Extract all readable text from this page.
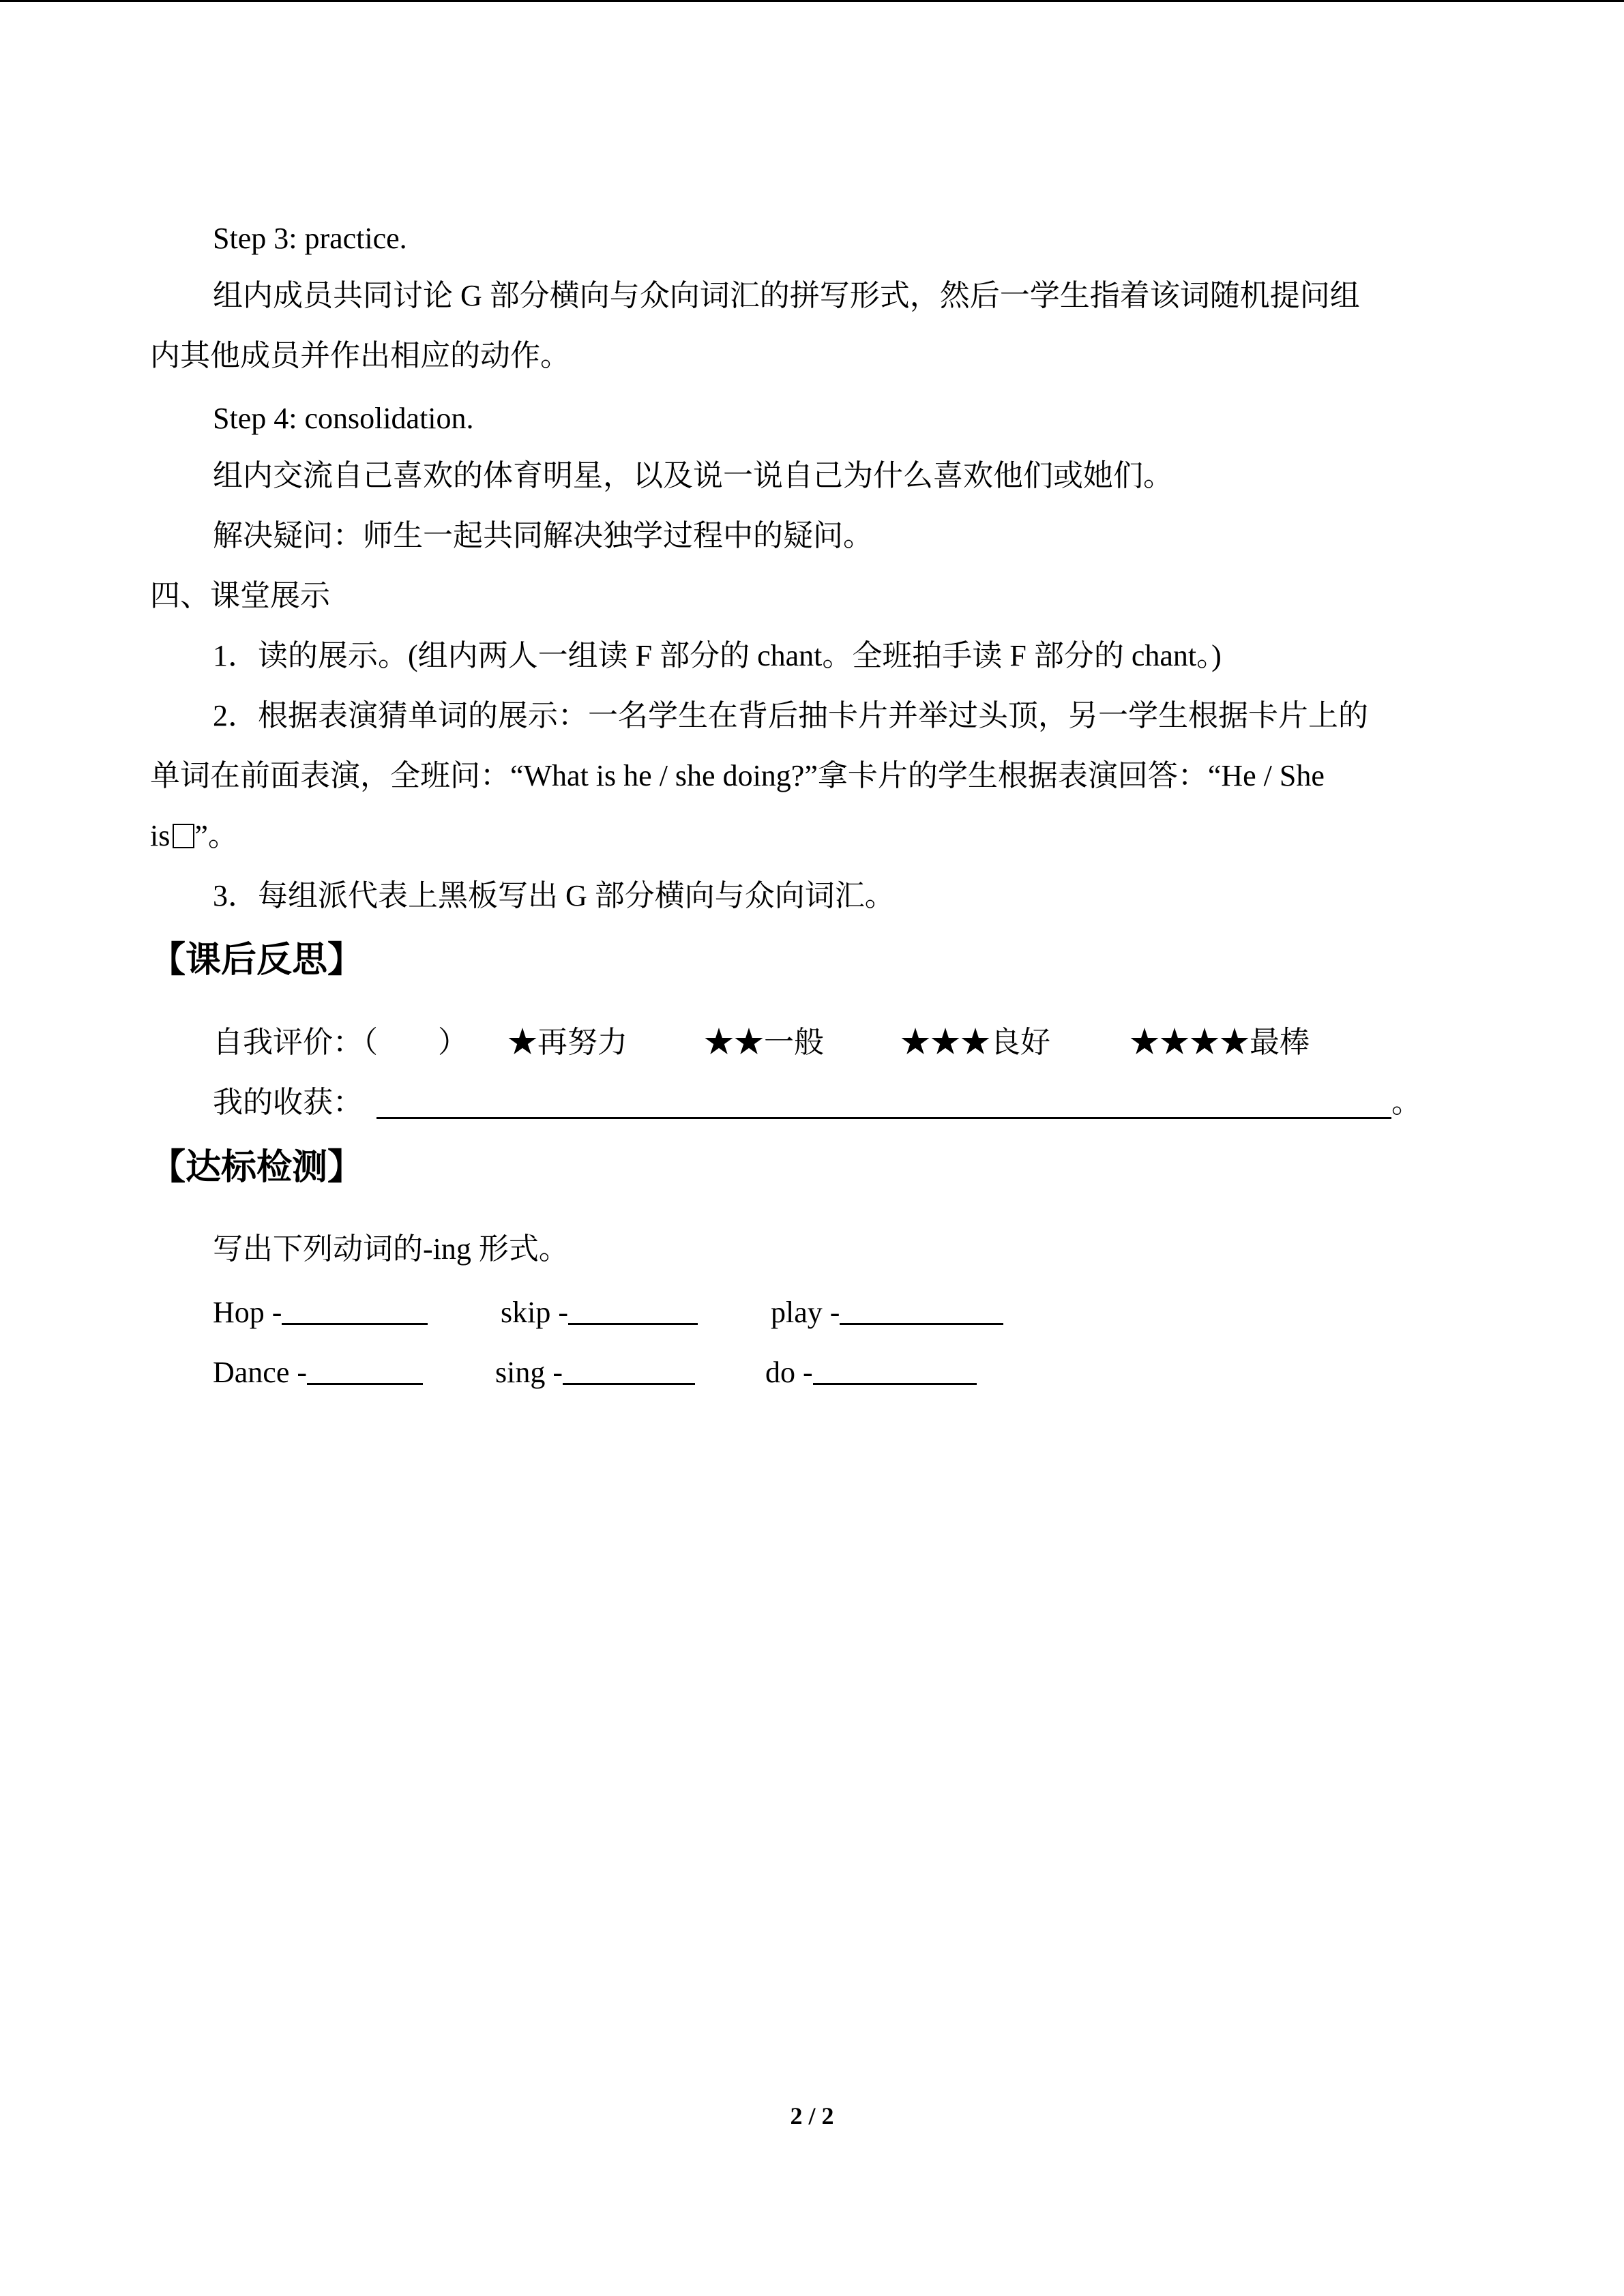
Step 3: practice.
组内成员共同讨论 G 部分横向与众向词汇的拼写形式，然后一学生指着该词随机提问组
内其他成员并作出相应的动作。
Step 4: consolidation.
组内交流自己喜欢的体育明星，以及说一说自己为什么喜欢他们或她们。
解决疑问：师生一起共同解决独学过程中的疑问。
四、课堂展示
1．读的展示。(组内两人一组读 F 部分的 chant。全班拍手读 F 部分的 chant。)
2．根据表演猜单词的展示：一名学生在背后抽卡片并举过头顶，另一学生根据卡片上的
单词在前面表演，全班问：“What is he / she doing?”拿卡片的学生根据表演回答：“He / She
is ”。
3．每组派代表上黑板写出 G 部分横向与众向词汇。
【课后反思】
自我评价：（　　） ★再努力	★★一般	★★★良好	★★★★最棒
我的收获：	。
【达标检测】
写出下列动词的-ing 形式。
Hop -	skip -	play -
Dance -	sing -	do -
2 / 2
